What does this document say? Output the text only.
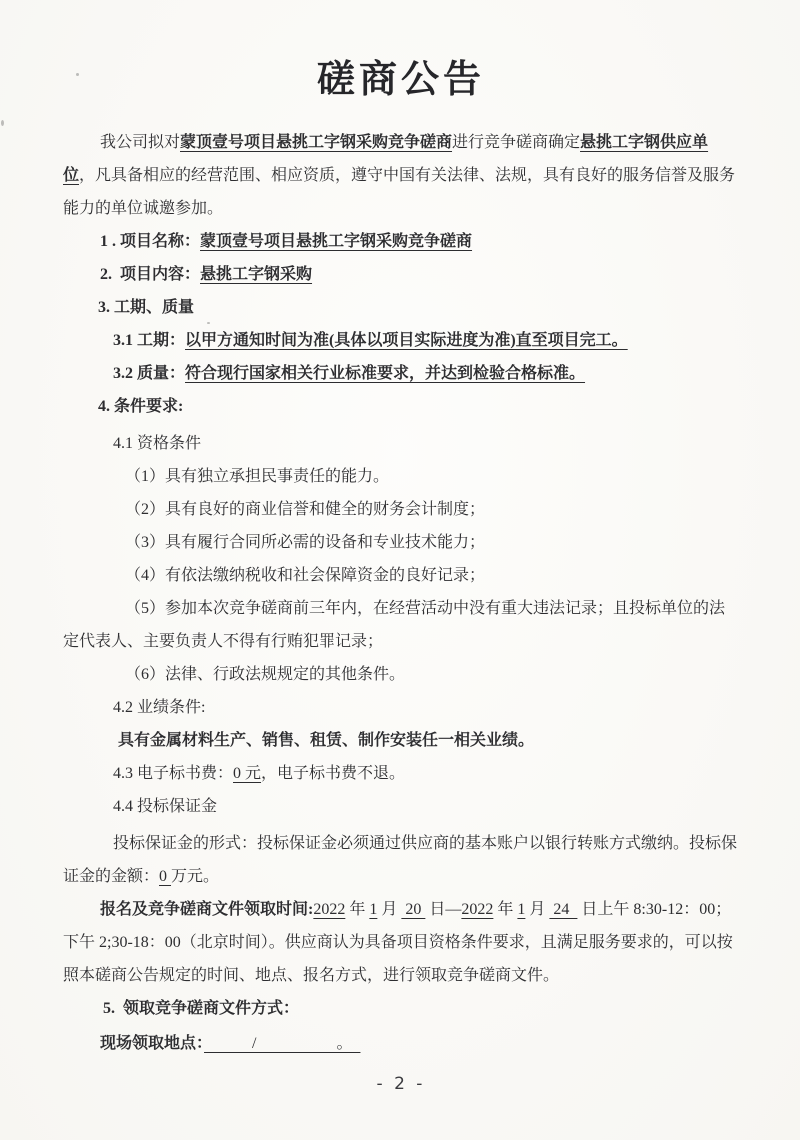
磋商公告

我公司拟对蒙顶壹号项目悬挑工字钢采购竞争磋商进行竞争磋商确定悬挑工字钢供应单位，凡具备相应的经营范围、相应资质，遵守中国有关法律、法规，具有良好的服务信誉及服务能力的单位诚邀参加。

1 . 项目名称：蒙顶壹号项目悬挑工字钢采购竞争磋商

2.  项目内容：悬挑工字钢采购

3. 工期、质量

3.1 工期：以甲方通知时间为准(具体以项目实际进度为准)直至项目完工。

3.2 质量：符合现行国家相关行业标准要求，并达到检验合格标准。

4. 条件要求:

4.1 资格条件

（1）具有独立承担民事责任的能力。

（2）具有良好的商业信誉和健全的财务会计制度；

（3）具有履行合同所必需的设备和专业技术能力；

（4）有依法缴纳税收和社会保障资金的良好记录；

（5）参加本次竞争磋商前三年内，在经营活动中没有重大违法记录；且投标单位的法定代表人、主要负责人不得有行贿犯罪记录；

（6）法律、行政法规规定的其他条件。

4.2 业绩条件:

具有金属材料生产、销售、租赁、制作安装任一相关业绩。

4.3 电子标书费：0 元，电子标书费不退。

4.4 投标保证金

投标保证金的形式：投标保证金必须通过供应商的基本账户以银行转账方式缴纳。投标保证金的金额：0 万元。

报名及竞争磋商文件领取时间:2022 年 1 月  20  日—2022 年 1 月  24   日上午 8:30-12：00；下午 2;30-18：00（北京时间）。供应商认为具备项目资格条件要求，且满足服务要求的，可以按照本磋商公告规定的时间、地点、报名方式，进行领取竞争磋商文件。

5.  领取竞争磋商文件方式：

现场领取地点：　　　/　　　　　。　

- 2 -
